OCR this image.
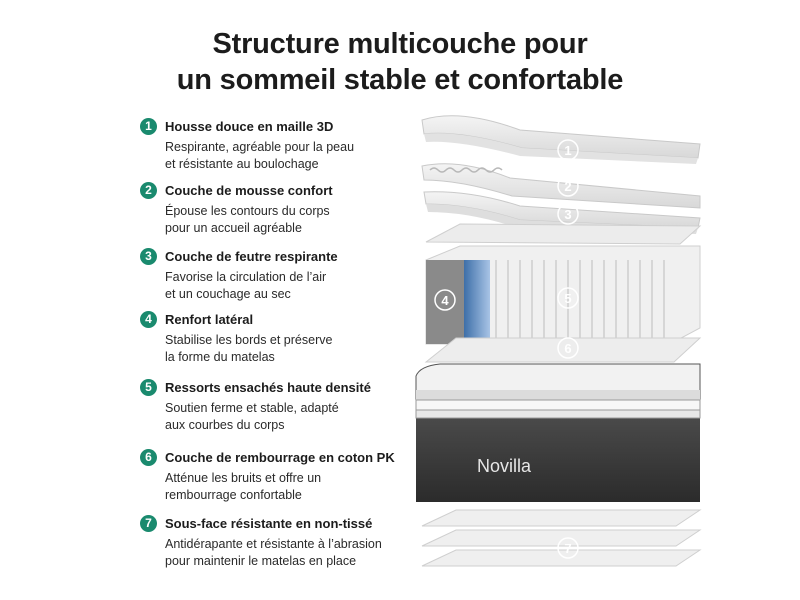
Structure multicouche pour
un sommeil stable et confortable
1	Housse douce en maille 3D
Respirante, agréable pour la peau
et résistante au boulochage
2	Couche de mousse confort
Épouse les contours du corps
pour un accueil agréable
3	Couche de feutre respirante
Favorise la circulation de l’air
et un couchage au sec
4	Renfort latéral
Stabilise les bords et préserve
la forme du matelas
5	Ressorts ensachés haute densité
Soutien ferme et stable, adapté
aux courbes du corps
6	Couche de rembourrage en coton PK
Atténue les bruits et offre un
rembourrage confortable
7	Sous-face résistante en non-tissé
Antidérapante et résistante à l’abrasion
pour maintenir le matelas en place
Novilla
1
2
3
4	5
6
7
